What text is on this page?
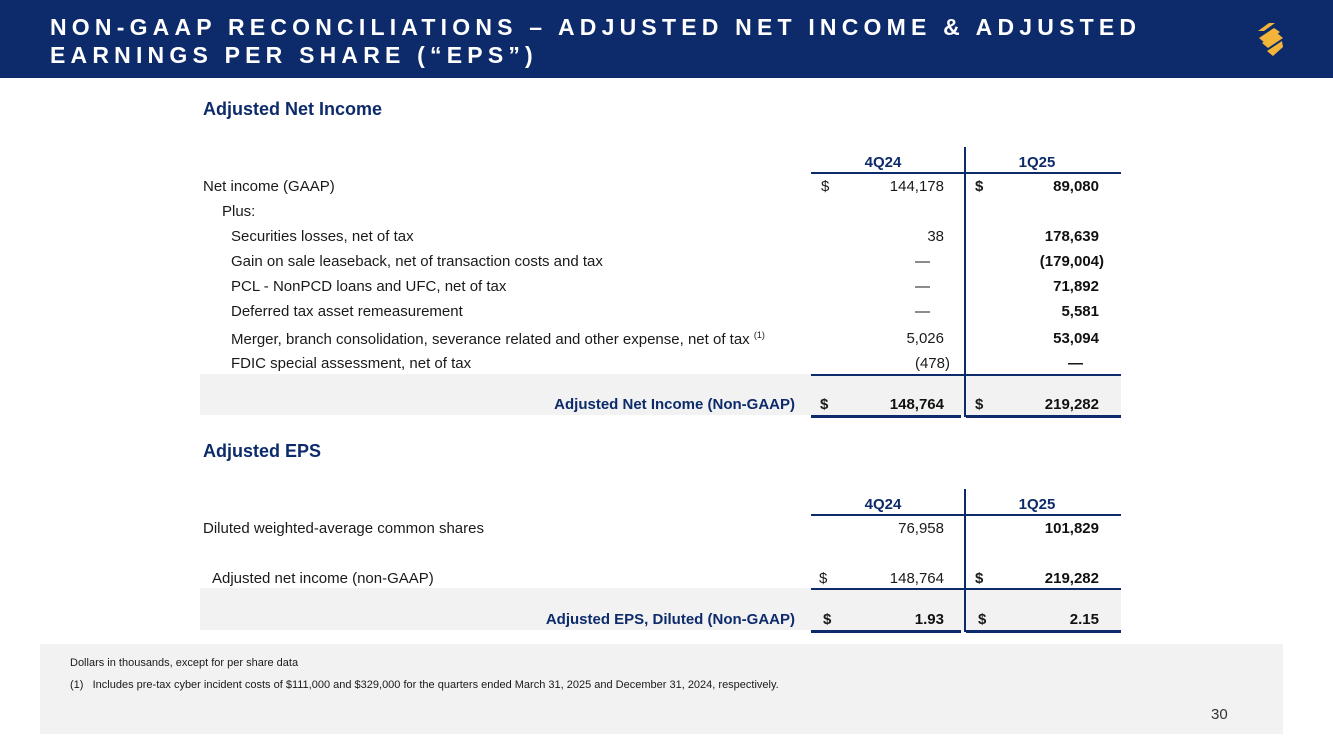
NON-GAAP RECONCILIATIONS – ADJUSTED NET INCOME & ADJUSTED EARNINGS PER SHARE (“EPS”)
Adjusted Net Income
4Q24	1Q25
Net income (GAAP)	$	144,178 $	89,080
Plus:
Securities losses, net of tax	38	178,639
Gain on sale leaseback, net of transaction costs and tax	—	(179,004)
PCL - NonPCD loans and UFC, net of tax	—	71,892
Deferred tax asset remeasurement	—	5,581
Merger, branch consolidation, severance related and other expense, net of tax $^{(1)}$	5,026	53,094
FDIC special assessment, net of tax	(478)	—
Adjusted Net Income (Non-GAAP) $	148,764 $	219,282
Adjusted EPS
4Q24	1Q25
Diluted weighted-average common shares	76,958	101,829
Adjusted net income (non-GAAP)	$	148,764 $	219,282
Adjusted EPS, Diluted (Non-GAAP) $	1.93 $	2.15
Dollars in thousands, except for per share data
(1) Includes pre-tax cyber incident costs of $111,000 and $329,000 for the quarters ended March 31, 2025 and December 31, 2024, respectively.
30
